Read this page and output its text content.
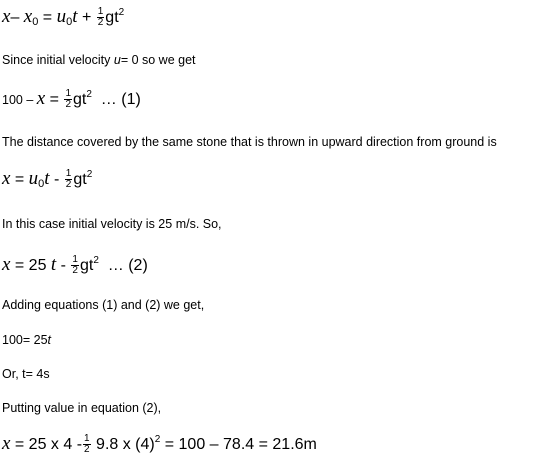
x– $x_0 = u_0t + \frac{1}{2} gt^2$
Since initial velocity u= 0 so we get
$100 - x = \frac{1}{2} gt^2$  … (1)
The distance covered by the same stone that is thrown in upward direction from ground is
$x = u_0t - \frac{1}{2} gt^2$
In this case initial velocity is 25 m/s. So,
x = 25 t - $\frac{1}{2} gt^2$  … (2)
Adding equations (1) and (2) we get,
100= 25t
Or, t= 4s
Putting value in equation (2),
x = 25 x $4 - \frac{1}{2} 9.8$ x $(4)^2 = 100 - 78.4 = 21.6m$
